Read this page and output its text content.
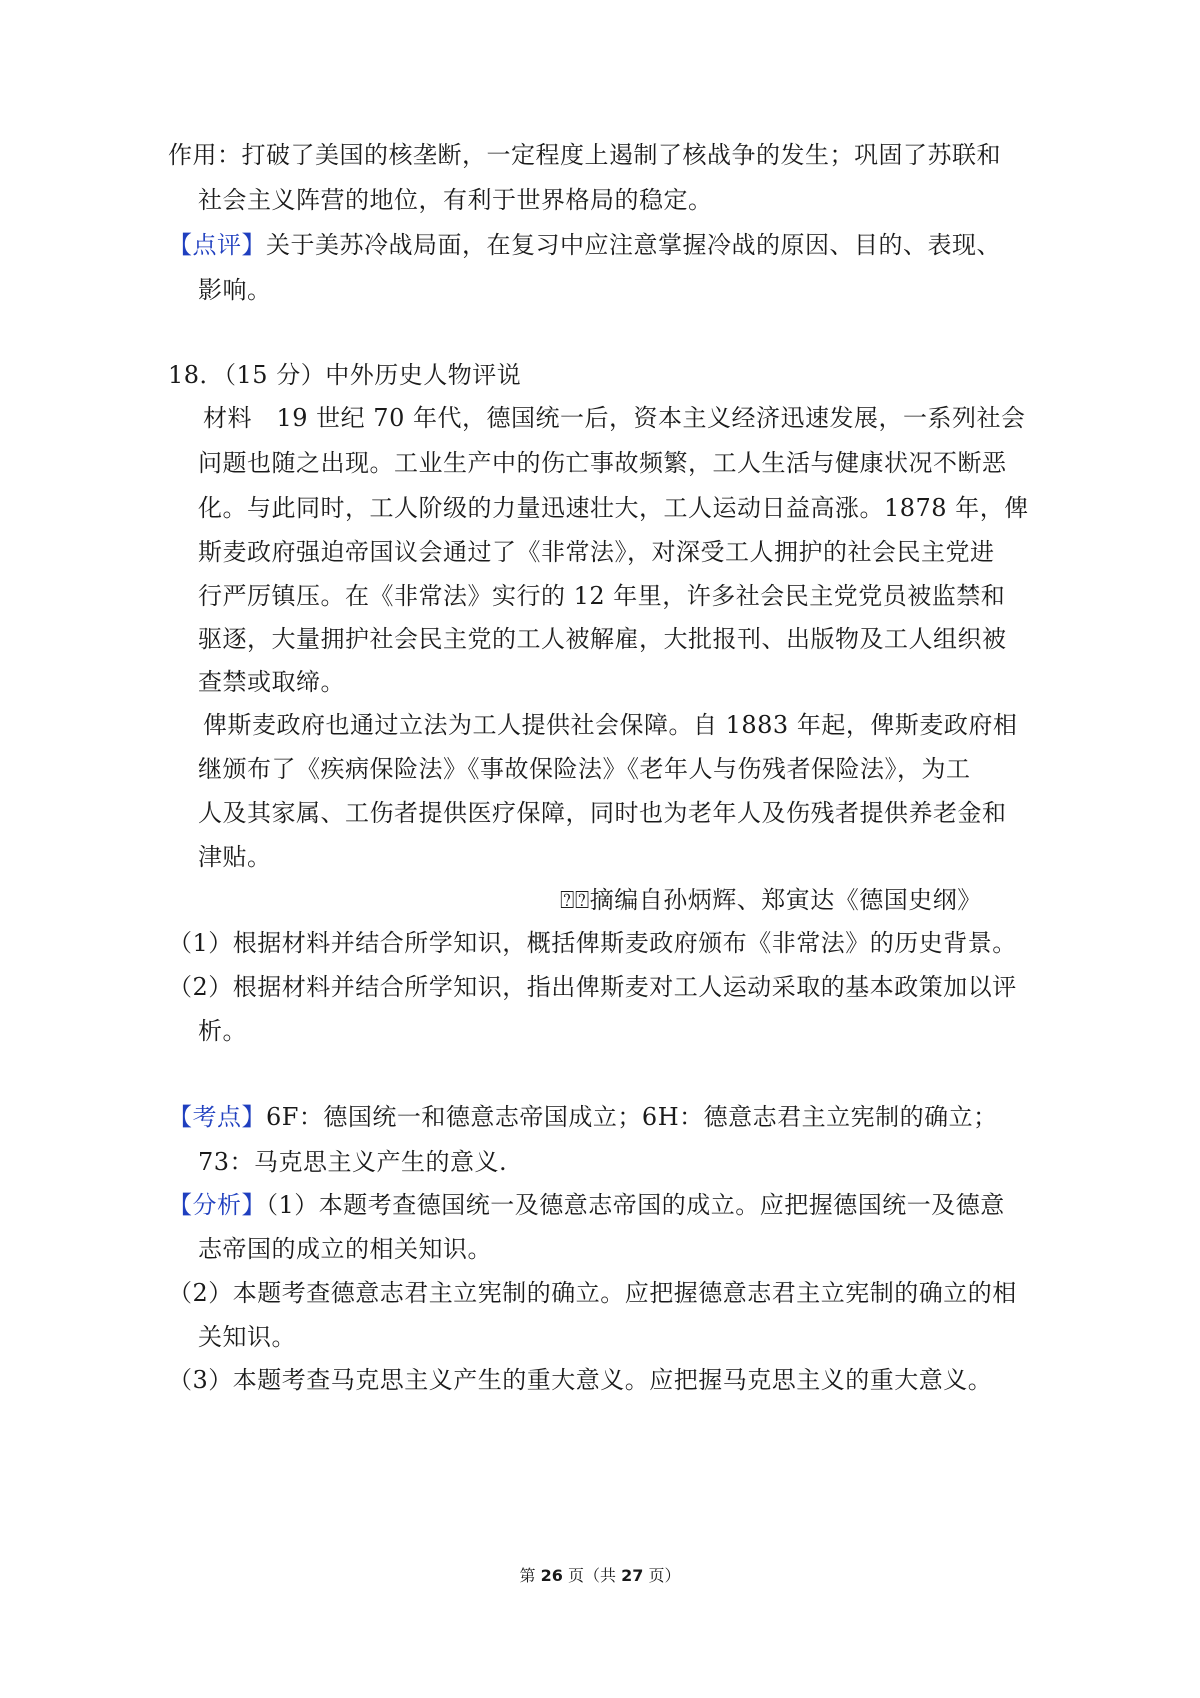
作用：打破了美国的核垄断，一定程度上遏制了核战争的发生；巩固了苏联和
社会主义阵营的地位，有利于世界格局的稳定。
【点评】关于美苏冷战局面，在复习中应注意掌握冷战的原因、目的、表现、
影响。
18．（15 分）中外历史人物评说
材料　19 世纪 70 年代，德国统一后，资本主义经济迅速发展，一系列社会
问题也随之出现。工业生产中的伤亡事故频繁，工人生活与健康状况不断恶
化。与此同时，工人阶级的力量迅速壮大，工人运动日益高涨。1878 年，俾
斯麦政府强迫帝国议会通过了《非常法》，对深受工人拥护的社会民主党进
行严厉镇压。在《非常法》实行的 12 年里，许多社会民主党党员被监禁和
驱逐，大量拥护社会民主党的工人被解雇，大批报刊、出版物及工人组织被
查禁或取缔。
俾斯麦政府也通过立法为工人提供社会保障。自 1883 年起，俾斯麦政府相
继颁布了《疾病保险法》《事故保险法》《老年人与伤残者保险法》，为工
人及其家属、工伤者提供医疗保障，同时也为老年人及伤残者提供养老金和
津贴。
⍰⍰摘编自孙炳辉、郑寅达《德国史纲》
（1）根据材料并结合所学知识，概括俾斯麦政府颁布《非常法》的历史背景。
（2）根据材料并结合所学知识，指出俾斯麦对工人运动采取的基本政策加以评
析。
【考点】6F：德国统一和德意志帝国成立；6H：德意志君主立宪制的确立；
73：马克思主义产生的意义.
【分析】（1）本题考查德国统一及德意志帝国的成立。应把握德国统一及德意
志帝国的成立的相关知识。
（2）本题考查德意志君主立宪制的确立。应把握德意志君主立宪制的确立的相
关知识。
（3）本题考查马克思主义产生的重大意义。应把握马克思主义的重大意义。
第 26 页（共 27 页）
